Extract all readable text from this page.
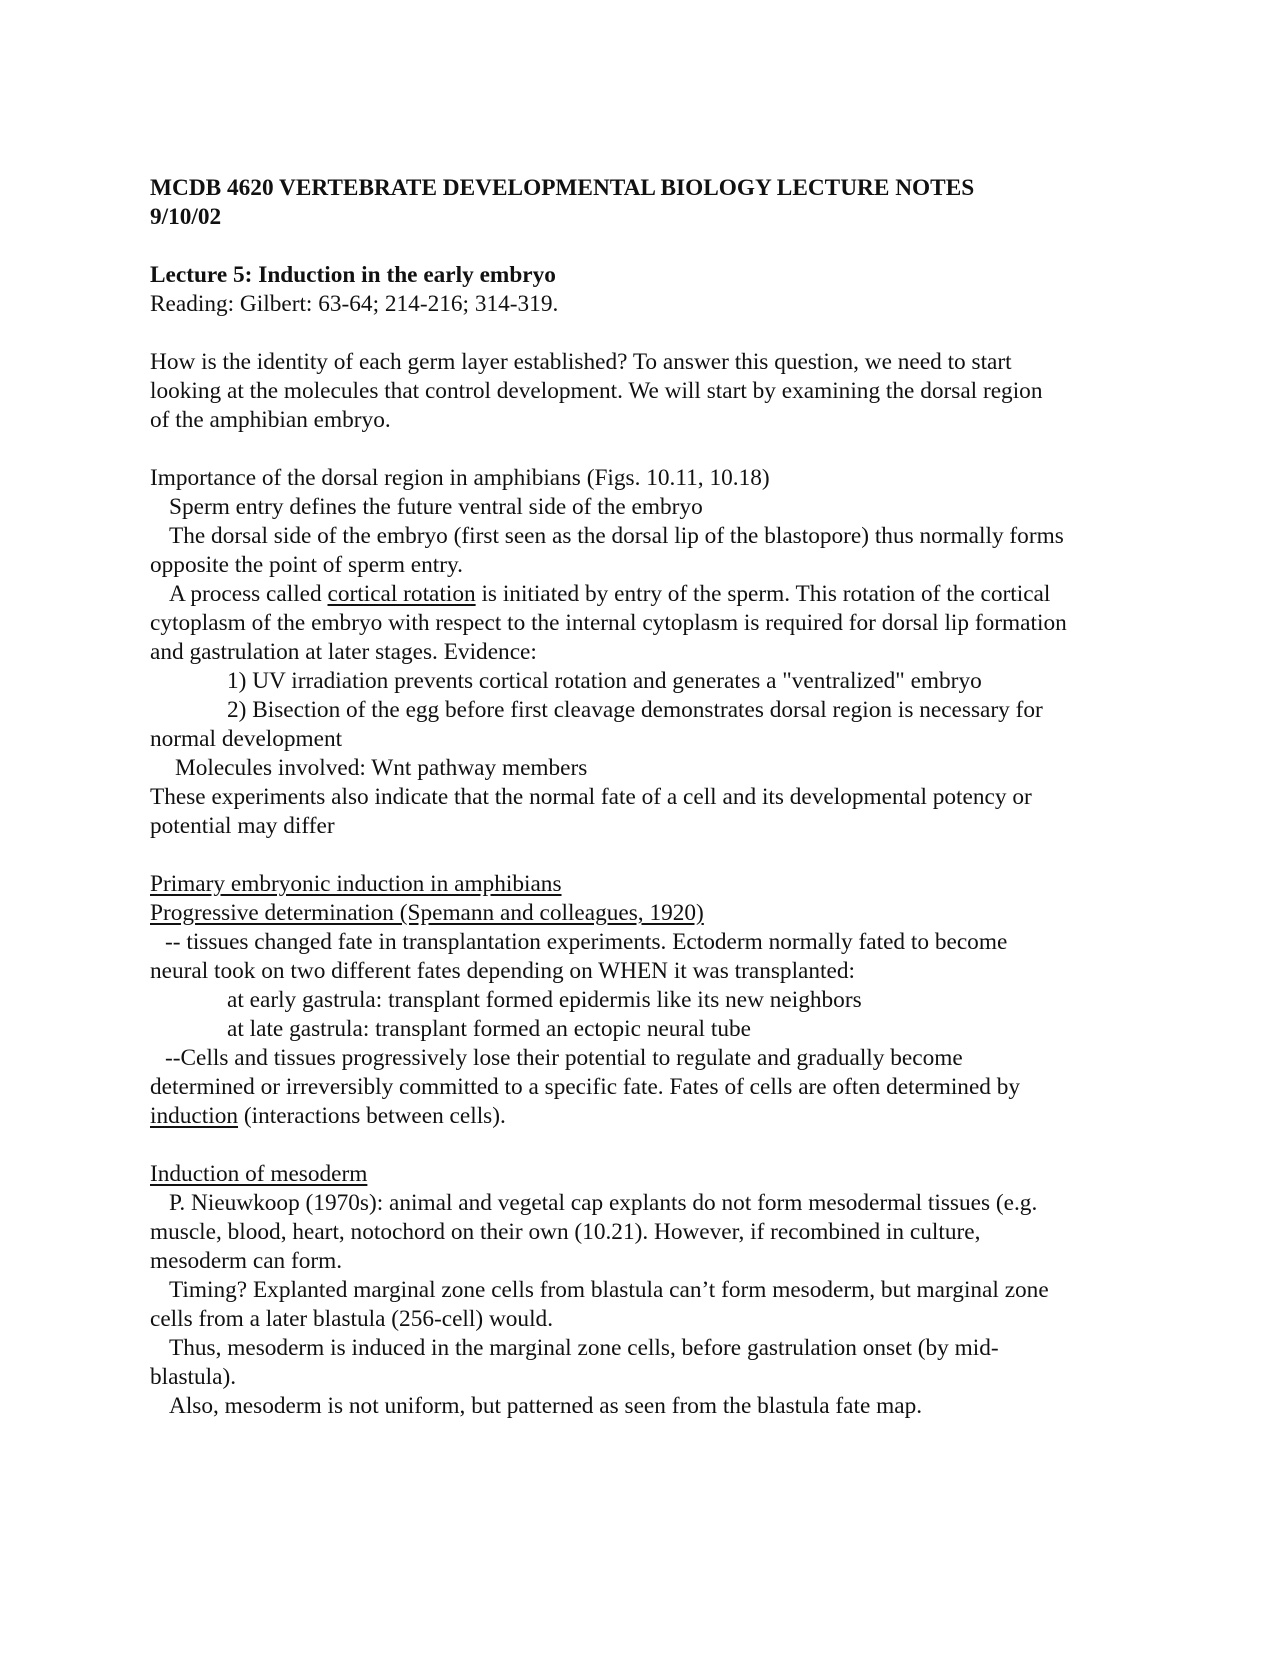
MCDB 4620 VERTEBRATE DEVELOPMENTAL BIOLOGY LECTURE NOTES
9/10/02
Lecture 5: Induction in the early embryo
Reading: Gilbert: 63-64; 214-216; 314-319.
How is the identity of each germ layer established? To answer this question, we need to start
looking at the molecules that control development. We will start by examining the dorsal region
of the amphibian embryo.
Importance of the dorsal region in amphibians (Figs. 10.11, 10.18)
Sperm entry defines the future ventral side of the embryo
The dorsal side of the embryo (first seen as the dorsal lip of the blastopore) thus normally forms
opposite the point of sperm entry.
A process called cortical rotation is initiated by entry of the sperm. This rotation of the cortical
cytoplasm of the embryo with respect to the internal cytoplasm is required for dorsal lip formation
and gastrulation at later stages. Evidence:
1) UV irradiation prevents cortical rotation and generates a "ventralized" embryo
2) Bisection of the egg before first cleavage demonstrates dorsal region is necessary for
normal development
Molecules involved: Wnt pathway members
These experiments also indicate that the normal fate of a cell and its developmental potency or
potential may differ
Primary embryonic induction in amphibians
Progressive determination (Spemann and colleagues, 1920)
-- tissues changed fate in transplantation experiments. Ectoderm normally fated to become
neural took on two different fates depending on WHEN it was transplanted:
at early gastrula: transplant formed epidermis like its new neighbors
at late gastrula: transplant formed an ectopic neural tube
--Cells and tissues progressively lose their potential to regulate and gradually become
determined or irreversibly committed to a specific fate. Fates of cells are often determined by
induction (interactions between cells).
Induction of mesoderm
P. Nieuwkoop (1970s): animal and vegetal cap explants do not form mesodermal tissues (e.g.
muscle, blood, heart, notochord on their own (10.21). However, if recombined in culture,
mesoderm can form.
Timing? Explanted marginal zone cells from blastula can’t form mesoderm, but marginal zone
cells from a later blastula (256-cell) would.
Thus, mesoderm is induced in the marginal zone cells, before gastrulation onset (by mid-
blastula).
Also, mesoderm is not uniform, but patterned as seen from the blastula fate map.
